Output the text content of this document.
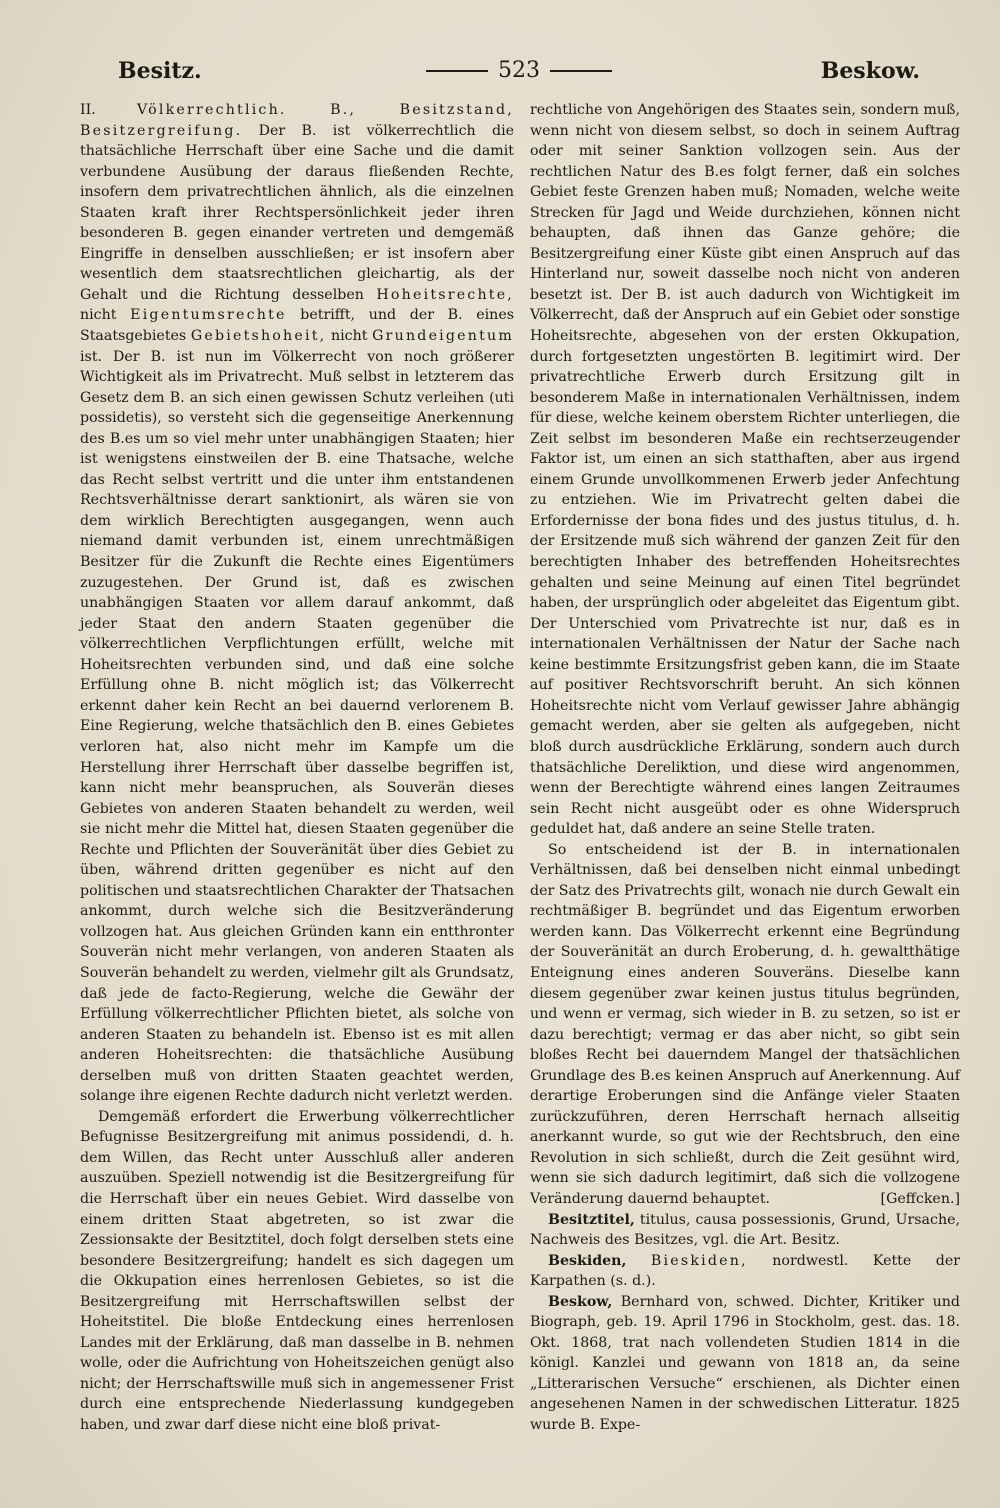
Besitz.	523	Beskow.

II.	Völkerrechtlich. B., Besitzstand, Besitzergreifung. Der B. ist völkerrechtlich die thatsächliche Herrschaft über eine Sache und die damit verbundene Ausübung der daraus fließenden Rechte, insofern dem privatrechtlichen ähnlich, als die einzelnen Staaten kraft ihrer Rechtspersönlichkeit jeder ihren besonderen B. gegen einander vertreten und demgemäß Eingriffe in denselben ausschließen; er ist insofern aber wesentlich dem staatsrechtlichen gleichartig, als der Gehalt und die Richtung desselben Hoheitsrechte, nicht Eigentumsrechte betrifft, und der B. eines Staatsgebietes Gebietshoheit, nicht Grundeigentum ist. Der B. ist nun im Völkerrecht von noch größerer Wichtigkeit als im Privatrecht. Muß selbst in letzterem das Gesetz dem B. an sich einen gewissen Schutz verleihen (uti possidetis), so versteht sich die gegenseitige Anerkennung des B.es um so viel mehr unter unabhängigen Staaten; hier ist wenigstens einstweilen der B. eine Thatsache, welche das Recht selbst vertritt und die unter ihm entstandenen Rechtsverhältnisse derart sanktionirt, als wären sie von dem wirklich Berechtigten ausgegangen, wenn auch niemand damit verbunden ist, einem unrechtmäßigen Besitzer für die Zukunft die Rechte eines Eigentümers zuzugestehen. Der Grund ist, daß es zwischen unabhängigen Staaten vor allem darauf ankommt, daß jeder Staat den andern Staaten gegenüber die völkerrechtlichen Verpflichtungen erfüllt, welche mit Hoheitsrechten verbunden sind, und daß eine solche Erfüllung ohne B. nicht möglich ist; das Völkerrecht erkennt daher kein Recht an bei dauernd verlorenem B. Eine Regierung, welche thatsächlich den B. eines Gebietes verloren hat, also nicht mehr im Kampfe um die Herstellung ihrer Herrschaft über dasselbe begriffen ist, kann nicht mehr beanspruchen, als Souverän dieses Gebietes von anderen Staaten behandelt zu werden, weil sie nicht mehr die Mittel hat, diesen Staaten gegenüber die Rechte und Pflichten der Souveränität über dies Gebiet zu üben, während dritten gegenüber es nicht auf den politischen und staatsrechtlichen Charakter der Thatsachen ankommt, durch welche sich die Besitzveränderung vollzogen hat. Aus gleichen Gründen kann ein entthronter Souverän nicht mehr verlangen, von anderen Staaten als Souverän behandelt zu werden, vielmehr gilt als Grundsatz, daß jede de facto-Regierung, welche die Gewähr der Erfüllung völkerrechtlicher Pflichten bietet, als solche von anderen Staaten zu behandeln ist. Ebenso ist es mit allen anderen Hoheitsrechten: die thatsächliche Ausübung derselben muß von dritten Staaten geachtet werden, solange ihre eigenen Rechte dadurch nicht verletzt werden.

Demgemäß erfordert die Erwerbung völkerrechtlicher Befugnisse Besitzergreifung mit animus possidendi, d. h. dem Willen, das Recht unter Ausschluß aller anderen auszuüben. Speziell notwendig ist die Besitzergreifung für die Herrschaft über ein neues Gebiet. Wird dasselbe von einem dritten Staat abgetreten, so ist zwar die Zessionsakte der Besitztitel, doch folgt derselben stets eine besondere Besitzergreifung; handelt es sich dagegen um die Okkupation eines herrenlosen Gebietes, so ist die Besitzergreifung mit Herrschaftswillen selbst der Hoheitstitel. Die bloße Entdeckung eines herrenlosen Landes mit der Erklärung, daß man dasselbe in B. nehmen wolle, oder die Aufrichtung von Hoheitszeichen genügt also nicht; der Herrschaftswille muß sich in angemessener Frist durch eine entsprechende Niederlassung kundgegeben haben, und zwar darf diese nicht eine bloß privat-

rechtliche von Angehörigen des Staates sein, sondern muß, wenn nicht von diesem selbst, so doch in seinem Auftrag oder mit seiner Sanktion vollzogen sein. Aus der rechtlichen Natur des B.es folgt ferner, daß ein solches Gebiet feste Grenzen haben muß; Nomaden, welche weite Strecken für Jagd und Weide durchziehen, können nicht behaupten, daß ihnen das Ganze gehöre; die Besitzergreifung einer Küste gibt einen Anspruch auf das Hinterland nur, soweit dasselbe noch nicht von anderen besetzt ist. Der B. ist auch dadurch von Wichtigkeit im Völkerrecht, daß der Anspruch auf ein Gebiet oder sonstige Hoheitsrechte, abgesehen von der ersten Okkupation, durch fortgesetzten ungestörten B. legitimirt wird. Der privatrechtliche Erwerb durch Ersitzung gilt in besonderem Maße in internationalen Verhältnissen, indem für diese, welche keinem oberstem Richter unterliegen, die Zeit selbst im besonderen Maße ein rechtserzeugender Faktor ist, um einen an sich statthaften, aber aus irgend einem Grunde unvollkommenen Erwerb jeder Anfechtung zu entziehen. Wie im Privatrecht gelten dabei die Erfordernisse der bona fides und des justus titulus, d. h. der Ersitzende muß sich während der ganzen Zeit für den berechtigten Inhaber des betreffenden Hoheitsrechtes gehalten und seine Meinung auf einen Titel begründet haben, der ursprünglich oder abgeleitet das Eigentum gibt. Der Unterschied vom Privatrechte ist nur, daß es in internationalen Verhältnissen der Natur der Sache nach keine bestimmte Ersitzungsfrist geben kann, die im Staate auf positiver Rechtsvorschrift beruht. An sich können Hoheitsrechte nicht vom Verlauf gewisser Jahre abhängig gemacht werden, aber sie gelten als aufgegeben, nicht bloß durch ausdrückliche Erklärung, sondern auch durch thatsächliche Dereliktion, und diese wird angenommen, wenn der Berechtigte während eines langen Zeitraumes sein Recht nicht ausgeübt oder es ohne Widerspruch geduldet hat, daß andere an seine Stelle traten.

So entscheidend ist der B. in internationalen Verhältnissen, daß bei denselben nicht einmal unbedingt der Satz des Privatrechts gilt, wonach nie durch Gewalt ein rechtmäßiger B. begründet und das Eigentum erworben werden kann. Das Völkerrecht erkennt eine Begründung der Souveränität an durch Eroberung, d. h. gewaltthätige Enteignung eines anderen Souveräns. Dieselbe kann diesem gegenüber zwar keinen justus titulus begründen, und wenn er vermag, sich wieder in B. zu setzen, so ist er dazu berechtigt; vermag er das aber nicht, so gibt sein bloßes Recht bei dauerndem Mangel der thatsächlichen Grundlage des B.es keinen Anspruch auf Anerkennung. Auf derartige Eroberungen sind die Anfänge vieler Staaten zurückzuführen, deren Herrschaft hernach allseitig anerkannt wurde, so gut wie der Rechtsbruch, den eine Revolution in sich schließt, durch die Zeit gesühnt wird, wenn sie sich dadurch legitimirt, daß sich die vollzogene Veränderung dauernd behauptet.	[Geffcken.]

Besitztitel, titulus, causa possessionis, Grund, Ursache, Nachweis des Besitzes, vgl. die Art. Besitz.

Beskiden, Bieskiden, nordwestl. Kette der Karpathen (s. d.).

Beskow, Bernhard von, schwed. Dichter, Kritiker und Biograph, geb. 19. April 1796 in Stockholm, gest. das. 18. Okt. 1868, trat nach vollendeten Studien 1814 in die königl. Kanzlei und gewann von 1818 an, da seine „Litterarischen Versuche“ erschienen, als Dichter einen angesehenen Namen in der schwedischen Litteratur. 1825 wurde B. Expe-
